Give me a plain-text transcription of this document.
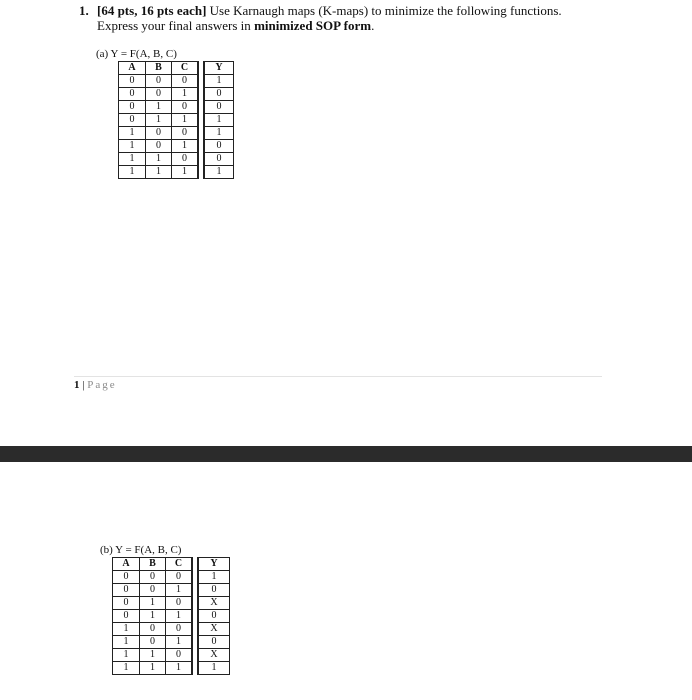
1. [64 pts, 16 pts each] Use Karnaugh maps (K-maps) to minimize the following functions.
Express your final answers in minimized SOP form.
(a) Y = F(A, B, C)
A	B	C		Y
0	0	0		1
0	0	1		0
0	1	0		0
0	1	1		1
1	0	0		1
1	0	1		0
1	1	0		0
1	1	1		1
1 | Page
(b) Y = F(A, B, C)
A	B	C		Y
0	0	0		1
0	0	1		0
0	1	0		X
0	1	1		0
1	0	0		X
1	0	1		0
1	1	0		X
1	1	1		1
